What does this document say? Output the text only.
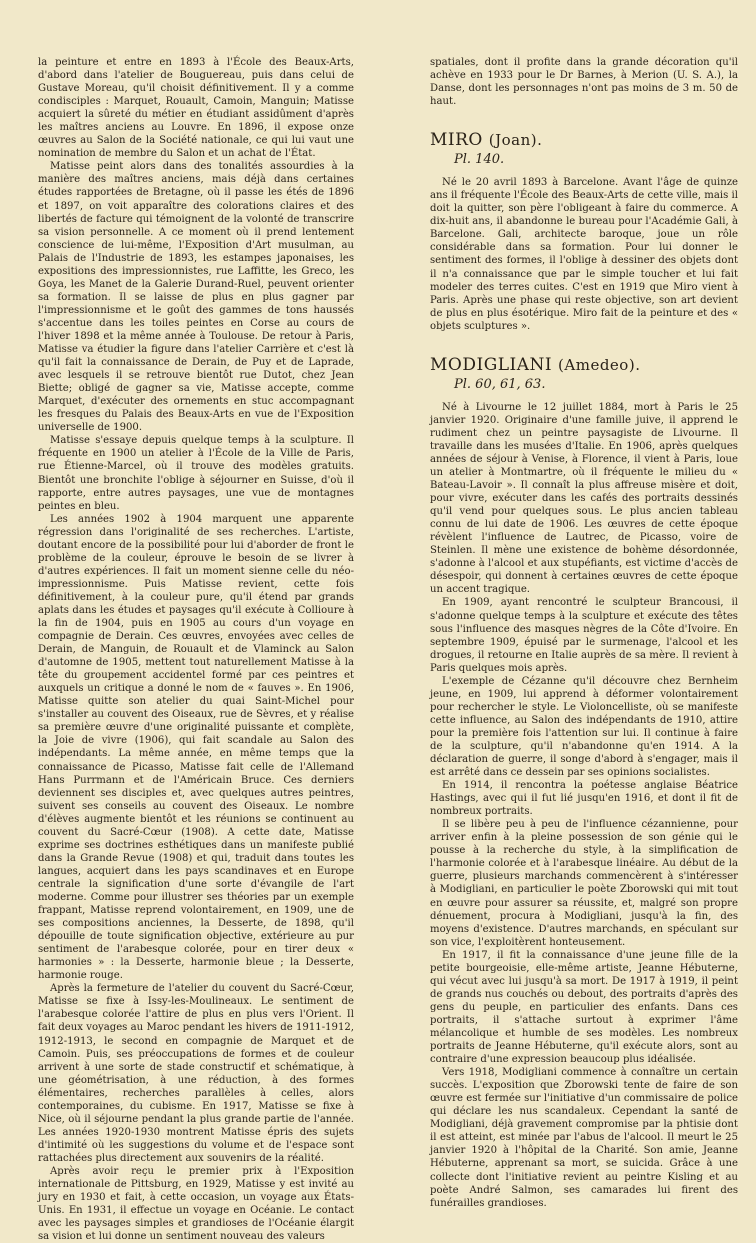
la peinture et entre en 1893 à l'École des Beaux-Arts, d'abord dans l'atelier de Bouguereau, puis dans celui de Gustave Moreau, qu'il choisit définitivement. Il y a comme condisciples : Marquet, Rouault, Camoin, Manguin; Matisse acquiert la sûreté du métier en étudiant assidûment d'après les maîtres anciens au Louvre. En 1896, il expose onze œuvres au Salon de la Société nationale, ce qui lui vaut une nomination de membre du Salon et un achat de l'État.

Matisse peint alors dans des tonalités assourdies à la manière des maîtres anciens, mais déjà dans certaines études rapportées de Bretagne, où il passe les étés de 1896 et 1897, on voit apparaître des colorations claires et des libertés de facture qui témoignent de la volonté de transcrire sa vision personnelle. A ce moment où il prend lentement conscience de lui-même, l'Exposition d'Art musulman, au Palais de l'Industrie de 1893, les estampes japonaises, les expositions des impressionnistes, rue Laffitte, les Greco, les Goya, les Manet de la Galerie Durand-Ruel, peuvent orienter sa formation. Il se laisse de plus en plus gagner par l'impressionnisme et le goût des gammes de tons haussés s'accentue dans les toiles peintes en Corse au cours de l'hiver 1898 et la même année à Toulouse. De retour à Paris, Matisse va étudier la figure dans l'atelier Carrière et c'est là qu'il fait la connaissance de Derain, de Puy et de Laprade, avec lesquels il se retrouve bientôt rue Dutot, chez Jean Biette; obligé de gagner sa vie, Matisse accepte, comme Marquet, d'exécuter des ornements en stuc accompagnant les fresques du Palais des Beaux-Arts en vue de l'Exposition universelle de 1900.

Matisse s'essaye depuis quelque temps à la sculpture. Il fréquente en 1900 un atelier à l'École de la Ville de Paris, rue Étienne-Marcel, où il trouve des modèles gratuits. Bientôt une bronchite l'oblige à séjourner en Suisse, d'où il rapporte, entre autres paysages, une vue de montagnes peintes en bleu.

Les années 1902 à 1904 marquent une apparente régression dans l'originalité de ses recherches. L'artiste, doutant encore de la possibilité pour lui d'aborder de front le problème de la couleur, éprouve le besoin de se livrer à d'autres expériences. Il fait un moment sienne celle du néo-impressionnisme. Puis Matisse revient, cette fois définitivement, à la couleur pure, qu'il étend par grands aplats dans les études et paysages qu'il exécute à Collioure à la fin de 1904, puis en 1905 au cours d'un voyage en compagnie de Derain. Ces œuvres, envoyées avec celles de Derain, de Manguin, de Rouault et de Vlaminck au Salon d'automne de 1905, mettent tout naturellement Matisse à la tête du groupement accidentel formé par ces peintres et auxquels un critique a donné le nom de « fauves ». En 1906, Matisse quitte son atelier du quai Saint-Michel pour s'installer au couvent des Oiseaux, rue de Sèvres, et y réalise sa première œuvre d'une originalité puissante et complète, la Joie de vivre (1906), qui fait scandale au Salon des indépendants. La même année, en même temps que la connaissance de Picasso, Matisse fait celle de l'Allemand Hans Purrmann et de l'Américain Bruce. Ces derniers deviennent ses disciples et, avec quelques autres peintres, suivent ses conseils au couvent des Oiseaux. Le nombre d'élèves augmente bientôt et les réunions se continuent au couvent du Sacré-Cœur (1908). A cette date, Matisse exprime ses doctrines esthétiques dans un manifeste publié dans la Grande Revue (1908) et qui, traduit dans toutes les langues, acquiert dans les pays scandinaves et en Europe centrale la signification d'une sorte d'évangile de l'art moderne. Comme pour illustrer ses théories par un exemple frappant, Matisse reprend volontairement, en 1909, une de ses compositions anciennes, la Desserte, de 1898, qu'il dépouille de toute signification objective, extérieure au pur sentiment de l'arabesque colorée, pour en tirer deux « harmonies » : la Desserte, harmonie bleue ; la Desserte, harmonie rouge.

Après la fermeture de l'atelier du couvent du Sacré-Cœur, Matisse se fixe à Issy-les-Moulineaux. Le sentiment de l'arabesque colorée l'attire de plus en plus vers l'Orient. Il fait deux voyages au Maroc pendant les hivers de 1911-1912, 1912-1913, le second en compagnie de Marquet et de Camoin. Puis, ses préoccupations de formes et de couleur arrivent à une sorte de stade constructif et schématique, à une géométrisation, à une réduction, à des formes élémentaires, recherches parallèles à celles, alors contemporaines, du cubisme. En 1917, Matisse se fixe à Nice, où il séjourne pendant la plus grande partie de l'année. Les années 1920-1930 montrent Matisse épris des sujets d'intimité où les suggestions du volume et de l'espace sont rattachées plus directement aux souvenirs de la réalité.

Après avoir reçu le premier prix à l'Exposition internationale de Pittsburg, en 1929, Matisse y est invité au jury en 1930 et fait, à cette occasion, un voyage aux États-Unis. En 1931, il effectue un voyage en Océanie. Le contact avec les paysages simples et grandioses de l'Océanie élargit sa vision et lui donne un sentiment nouveau des valeurs

spatiales, dont il profite dans la grande décoration qu'il achève en 1933 pour le Dr Barnes, à Merion (U. S. A.), la Danse, dont les personnages n'ont pas moins de 3 m. 50 de haut.

MIRO (Joan).
Pl. 140.

Né le 20 avril 1893 à Barcelone. Avant l'âge de quinze ans il fréquente l'École des Beaux-Arts de cette ville, mais il doit la quitter, son père l'obligeant à faire du commerce. A dix-huit ans, il abandonne le bureau pour l'Académie Gali, à Barcelone. Gali, architecte baroque, joue un rôle considérable dans sa formation. Pour lui donner le sentiment des formes, il l'oblige à dessiner des objets dont il n'a connaissance que par le simple toucher et lui fait modeler des terres cuites. C'est en 1919 que Miro vient à Paris. Après une phase qui reste objective, son art devient de plus en plus ésotérique. Miro fait de la peinture et des « objets sculptures ».

MODIGLIANI (Amedeo).
Pl. 60, 61, 63.

Né à Livourne le 12 juillet 1884, mort à Paris le 25 janvier 1920. Originaire d'une famille juive, il apprend le rudiment chez un peintre paysagiste de Livourne. Il travaille dans les musées d'Italie. En 1906, après quelques années de séjour à Venise, à Florence, il vient à Paris, loue un atelier à Montmartre, où il fréquente le milieu du « Bateau-Lavoir ». Il connaît la plus affreuse misère et doit, pour vivre, exécuter dans les cafés des portraits dessinés qu'il vend pour quelques sous. Le plus ancien tableau connu de lui date de 1906. Les œuvres de cette époque révèlent l'influence de Lautrec, de Picasso, voire de Steinlen. Il mène une existence de bohème désordonnée, s'adonne à l'alcool et aux stupéfiants, est victime d'accès de désespoir, qui donnent à certaines œuvres de cette époque un accent tragique.

En 1909, ayant rencontré le sculpteur Brancousi, il s'adonne quelque temps à la sculpture et exécute des têtes sous l'influence des masques nègres de la Côte d'Ivoire. En septembre 1909, épuisé par le surmenage, l'alcool et les drogues, il retourne en Italie auprès de sa mère. Il revient à Paris quelques mois après.

L'exemple de Cézanne qu'il découvre chez Bernheim jeune, en 1909, lui apprend à déformer volontairement pour rechercher le style. Le Violoncelliste, où se manifeste cette influence, au Salon des indépendants de 1910, attire pour la première fois l'attention sur lui. Il continue à faire de la sculpture, qu'il n'abandonne qu'en 1914. A la déclaration de guerre, il songe d'abord à s'engager, mais il est arrêté dans ce dessein par ses opinions socialistes.

En 1914, il rencontra la poétesse anglaise Béatrice Hastings, avec qui il fut lié jusqu'en 1916, et dont il fit de nombreux portraits.

Il se libère peu à peu de l'influence cézannienne, pour arriver enfin à la pleine possession de son génie qui le pousse à la recherche du style, à la simplification de l'harmonie colorée et à l'arabesque linéaire. Au début de la guerre, plusieurs marchands commencèrent à s'intéresser à Modigliani, en particulier le poète Zborowski qui mit tout en œuvre pour assurer sa réussite, et, malgré son propre dénuement, procura à Modigliani, jusqu'à la fin, des moyens d'existence. D'autres marchands, en spéculant sur son vice, l'exploitèrent honteusement.

En 1917, il fit la connaissance d'une jeune fille de la petite bourgeoisie, elle-même artiste, Jeanne Hébuterne, qui vécut avec lui jusqu'à sa mort. De 1917 à 1919, il peint de grands nus couchés ou debout, des portraits d'après des gens du peuple, en particulier des enfants. Dans ces portraits, il s'attache surtout à exprimer l'âme mélancolique et humble de ses modèles. Les nombreux portraits de Jeanne Hébuterne, qu'il exécute alors, sont au contraire d'une expression beaucoup plus idéalisée.

Vers 1918, Modigliani commence à connaître un certain succès. L'exposition que Zborowski tente de faire de son œuvre est fermée sur l'initiative d'un commissaire de police qui déclare les nus scandaleux. Cependant la santé de Modigliani, déjà gravement compromise par la phtisie dont il est atteint, est minée par l'abus de l'alcool. Il meurt le 25 janvier 1920 à l'hôpital de la Charité. Son amie, Jeanne Hébuterne, apprenant sa mort, se suicida. Grâce à une collecte dont l'initiative revient au peintre Kisling et au poète André Salmon, ses camarades lui firent des funérailles grandioses.
